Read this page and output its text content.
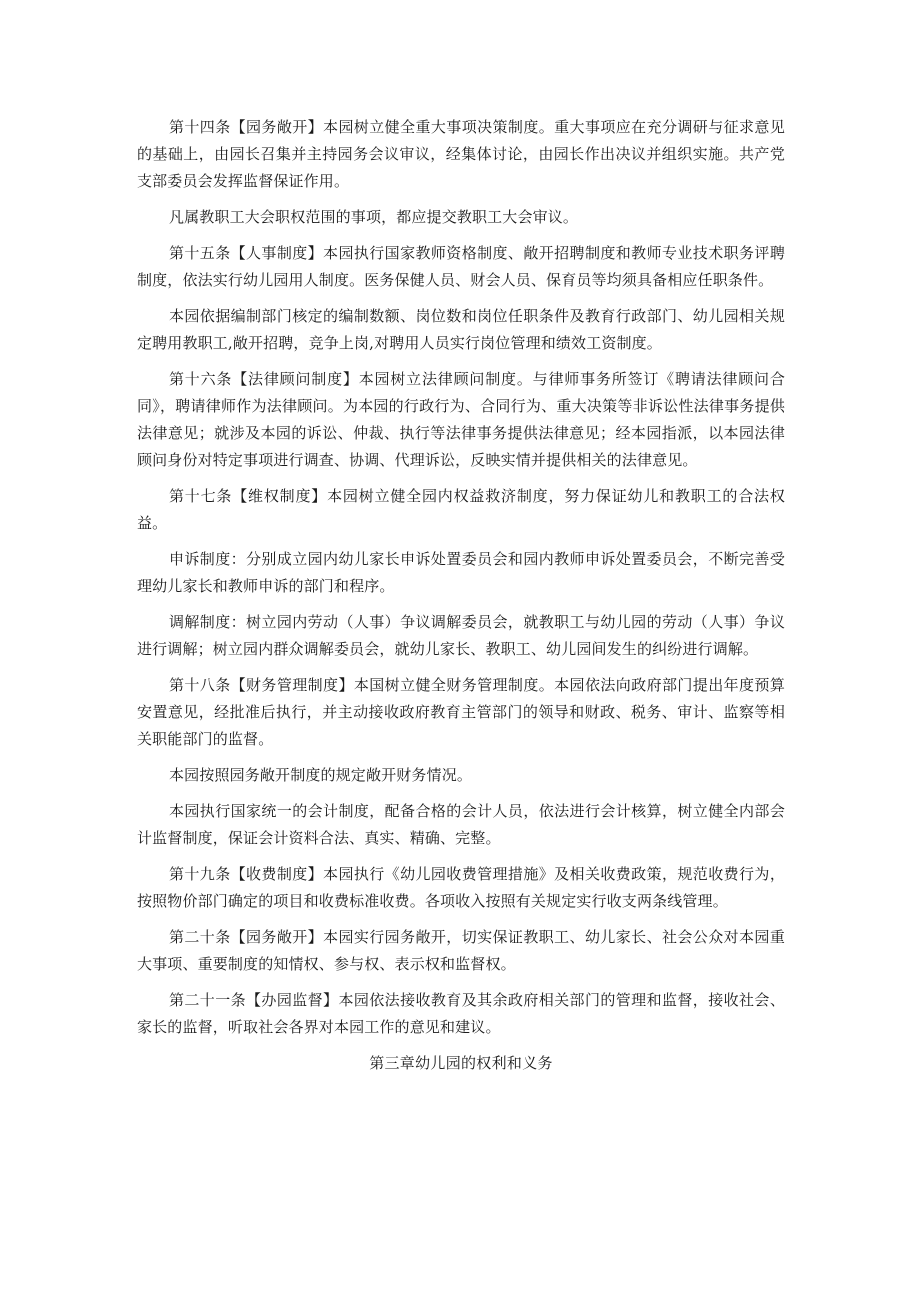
第十四条【园务敞开】本园树立健全重大事项决策制度。重大事项应在充分调研与征求意见的基础上，由园长召集并主持园务会议审议，经集体讨论，由园长作出决议并组织实施。共产党支部委员会发挥监督保证作用。

凡属教职工大会职权范围的事项，都应提交教职工大会审议。

第十五条【人事制度】本园执行国家教师资格制度、敞开招聘制度和教师专业技术职务评聘制度，依法实行幼儿园用人制度。医务保健人员、财会人员、保育员等均须具备相应任职条件。

本园依据编制部门核定的编制数额、岗位数和岗位任职条件及教育行政部门、幼儿园相关规定聘用教职工,敞开招聘，竞争上岗,对聘用人员实行岗位管理和绩效工资制度。

第十六条【法律顾问制度】本园树立法律顾问制度。与律师事务所签订《聘请法律顾问合同》，聘请律师作为法律顾问。为本园的行政行为、合同行为、重大决策等非诉讼性法律事务提供法律意见；就涉及本园的诉讼、仲裁、执行等法律事务提供法律意见；经本园指派，以本园法律顾问身份对特定事项进行调查、协调、代理诉讼，反映实情并提供相关的法律意见。

第十七条【维权制度】本园树立健全园内权益救济制度，努力保证幼儿和教职工的合法权益。

申诉制度：分别成立园内幼儿家长申诉处置委员会和园内教师申诉处置委员会，不断完善受理幼儿家长和教师申诉的部门和程序。

调解制度：树立园内劳动（人事）争议调解委员会，就教职工与幼儿园的劳动（人事）争议进行调解；树立园内群众调解委员会，就幼儿家长、教职工、幼儿园间发生的纠纷进行调解。

第十八条【财务管理制度】本国树立健全财务管理制度。本园依法向政府部门提出年度预算安置意见，经批准后执行，并主动接收政府教育主管部门的领导和财政、税务、审计、监察等相关职能部门的监督。

本园按照园务敞开制度的规定敞开财务情况。

本园执行国家统一的会计制度，配备合格的会计人员，依法进行会计核算，树立健全内部会计监督制度，保证会计资料合法、真实、精确、完整。

第十九条【收费制度】本园执行《幼儿园收费管理措施》及相关收费政策，规范收费行为，按照物价部门确定的项目和收费标准收费。各项收入按照有关规定实行收支两条线管理。

第二十条【园务敞开】本园实行园务敞开，切实保证教职工、幼儿家长、社会公众对本园重大事项、重要制度的知情权、参与权、表示权和监督权。

第二十一条【办园监督】本园依法接收教育及其余政府相关部门的管理和监督，接收社会、家长的监督，听取社会各界对本园工作的意见和建议。

第三章幼儿园的权利和义务
